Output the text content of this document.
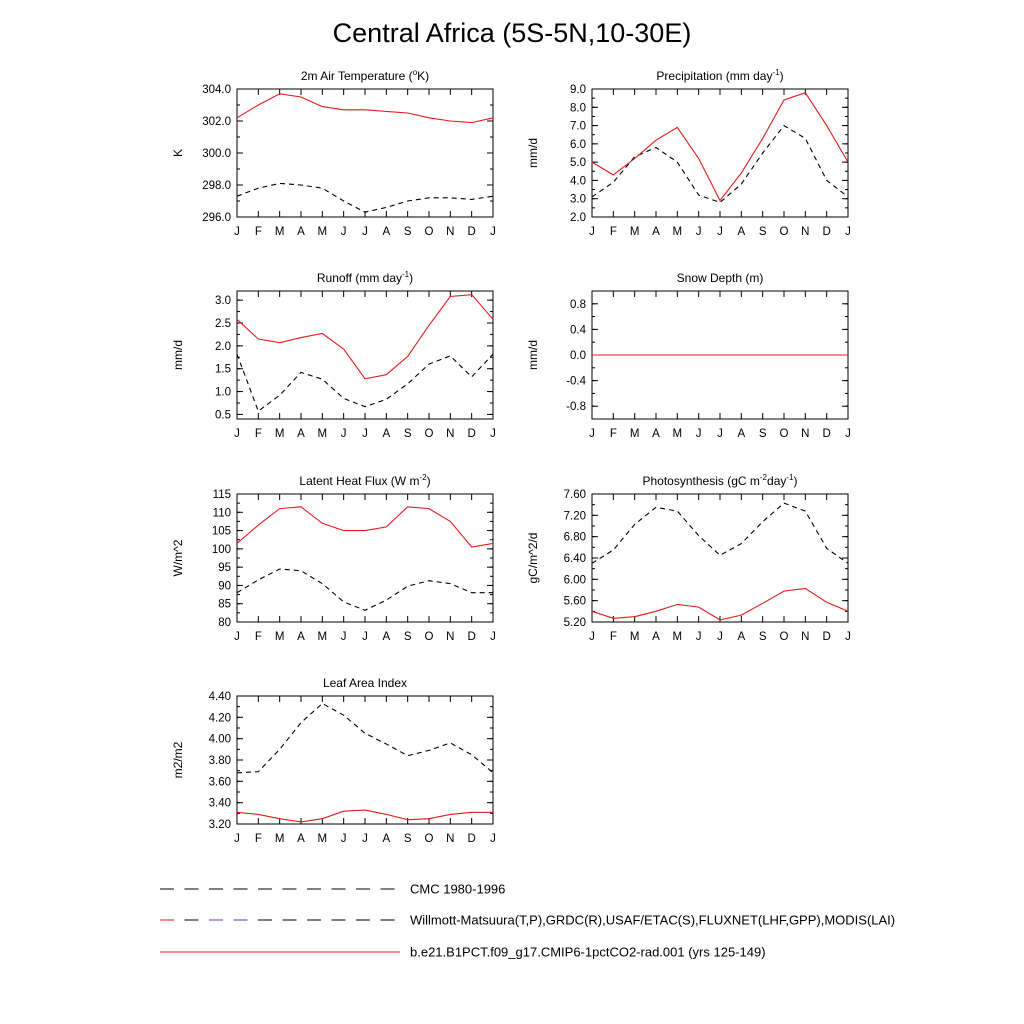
Central Africa (5S-5N,10-30E)
2m Air Temperature ($^o$K)
K
J F M A M J J A S O N D J
296.0
298.0
300.0
302.0
304.0
Precipitation (mm day$^{-1}$)
mm/d
J F M A M J J A S O N D J
2.0
3.0
4.0
5.0
6.0
7.0
8.0
9.0
Runoff (mm day$^{-1}$)
mm/d
J F M A M J J A S O N D J
0.5
1.0
1.5
2.0
2.5
3.0
Snow Depth (m)
mm/d
J F M A M J J A S O N D J
-0.8
-0.4
0.0
0.4
0.8
Latent Heat Flux (W $m^{-2}$)
W/m^2
J F M A M J J A S O N D J
80
85
90
95
100
105
110
115
Photosynthesis (gC $m^{-2}day^{-1}$)
gC/m^2/d
J F M A M J J A S O N D J
5.20
5.60
6.00
6.40
6.80
7.20
7.60
Leaf Area Index
m2/m2
J F M A M J J A S O N D J
3.20
3.40
3.60
3.80
4.00
4.20
4.40
CMC 1980-1996
Willmott-Matsuura(T,P),GRDC(R),USAF/ETAC(S),FLUXNET(LHF,GPP),MODIS(LAI)
b.e21.B1PCT.f09_g17.CMIP6-1pctCO2-rad.001 (yrs 125-149)
